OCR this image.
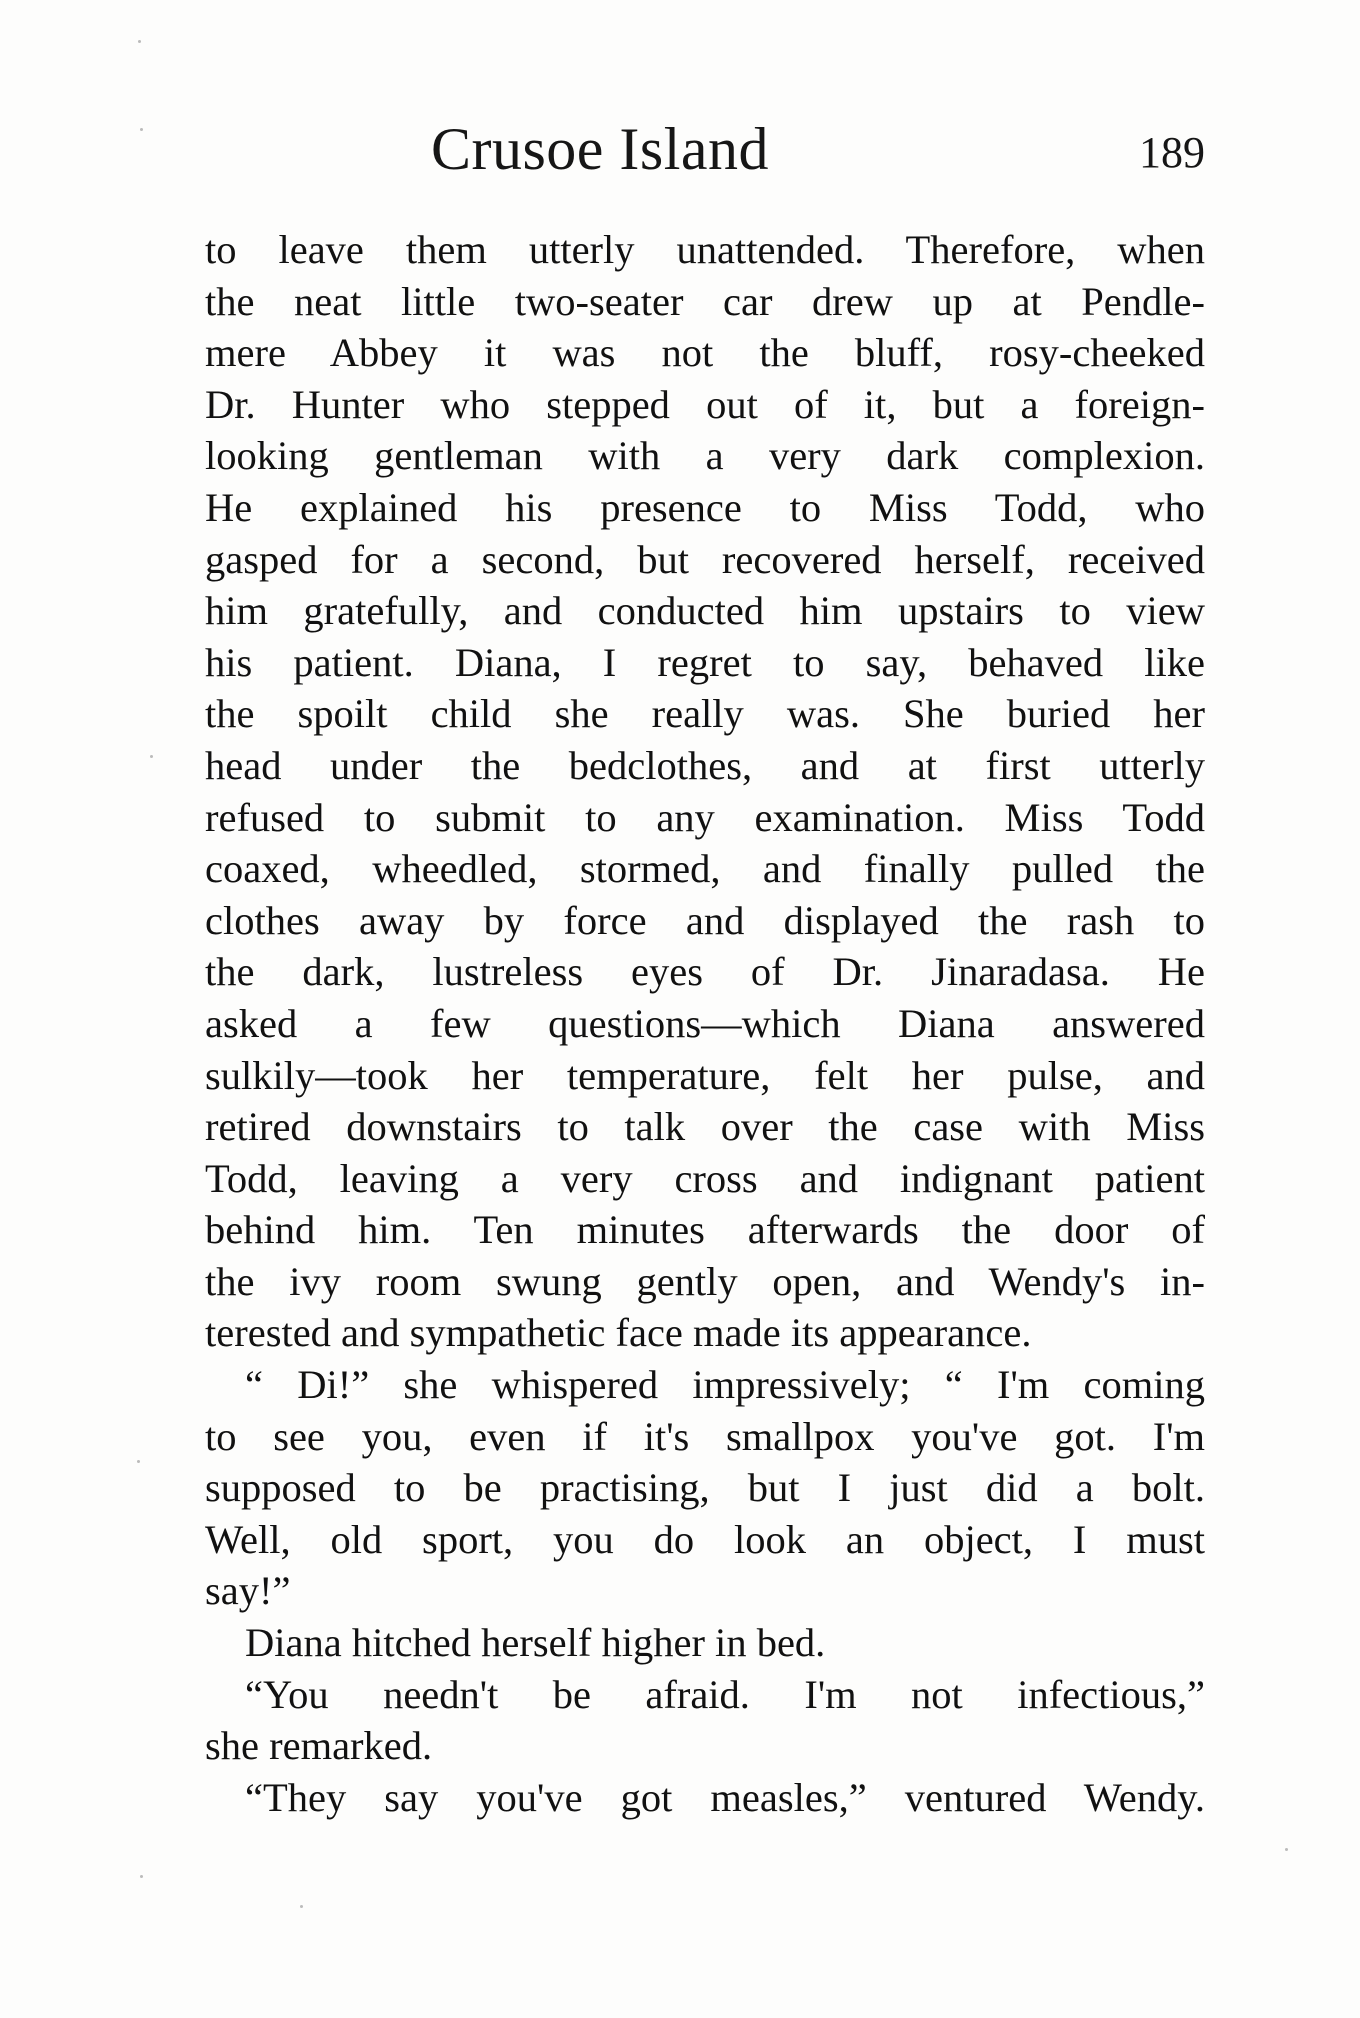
Crusoe Island	189
to leave them utterly unattended. Therefore, when
the neat little two-seater car drew up at Pendle-
mere Abbey it was not the bluff, rosy-cheeked
Dr. Hunter who stepped out of it, but a foreign-
looking gentleman with a very dark complexion.
He explained his presence to Miss Todd, who
gasped for a second, but recovered herself, received
him gratefully, and conducted him upstairs to view
his patient. Diana, I regret to say, behaved like
the spoilt child she really was. She buried her
head under the bedclothes, and at first utterly
refused to submit to any examination. Miss Todd
coaxed, wheedled, stormed, and finally pulled the
clothes away by force and displayed the rash to
the dark, lustreless eyes of Dr. Jinaradasa. He
asked a few questions—which Diana answered
sulkily—took her temperature, felt her pulse, and
retired downstairs to talk over the case with Miss
Todd, leaving a very cross and indignant patient
behind him. Ten minutes afterwards the door of
the ivy room swung gently open, and Wendy's in-
terested and sympathetic face made its appearance.
“ Di!” she whispered impressively; “ I'm coming
to see you, even if it's smallpox you've got. I'm
supposed to be practising, but I just did a bolt.
Well, old sport, you do look an object, I must
say!”
Diana hitched herself higher in bed.
“You needn't be afraid. I'm not infectious,”
she remarked.
“They say you've got measles,” ventured Wendy.
